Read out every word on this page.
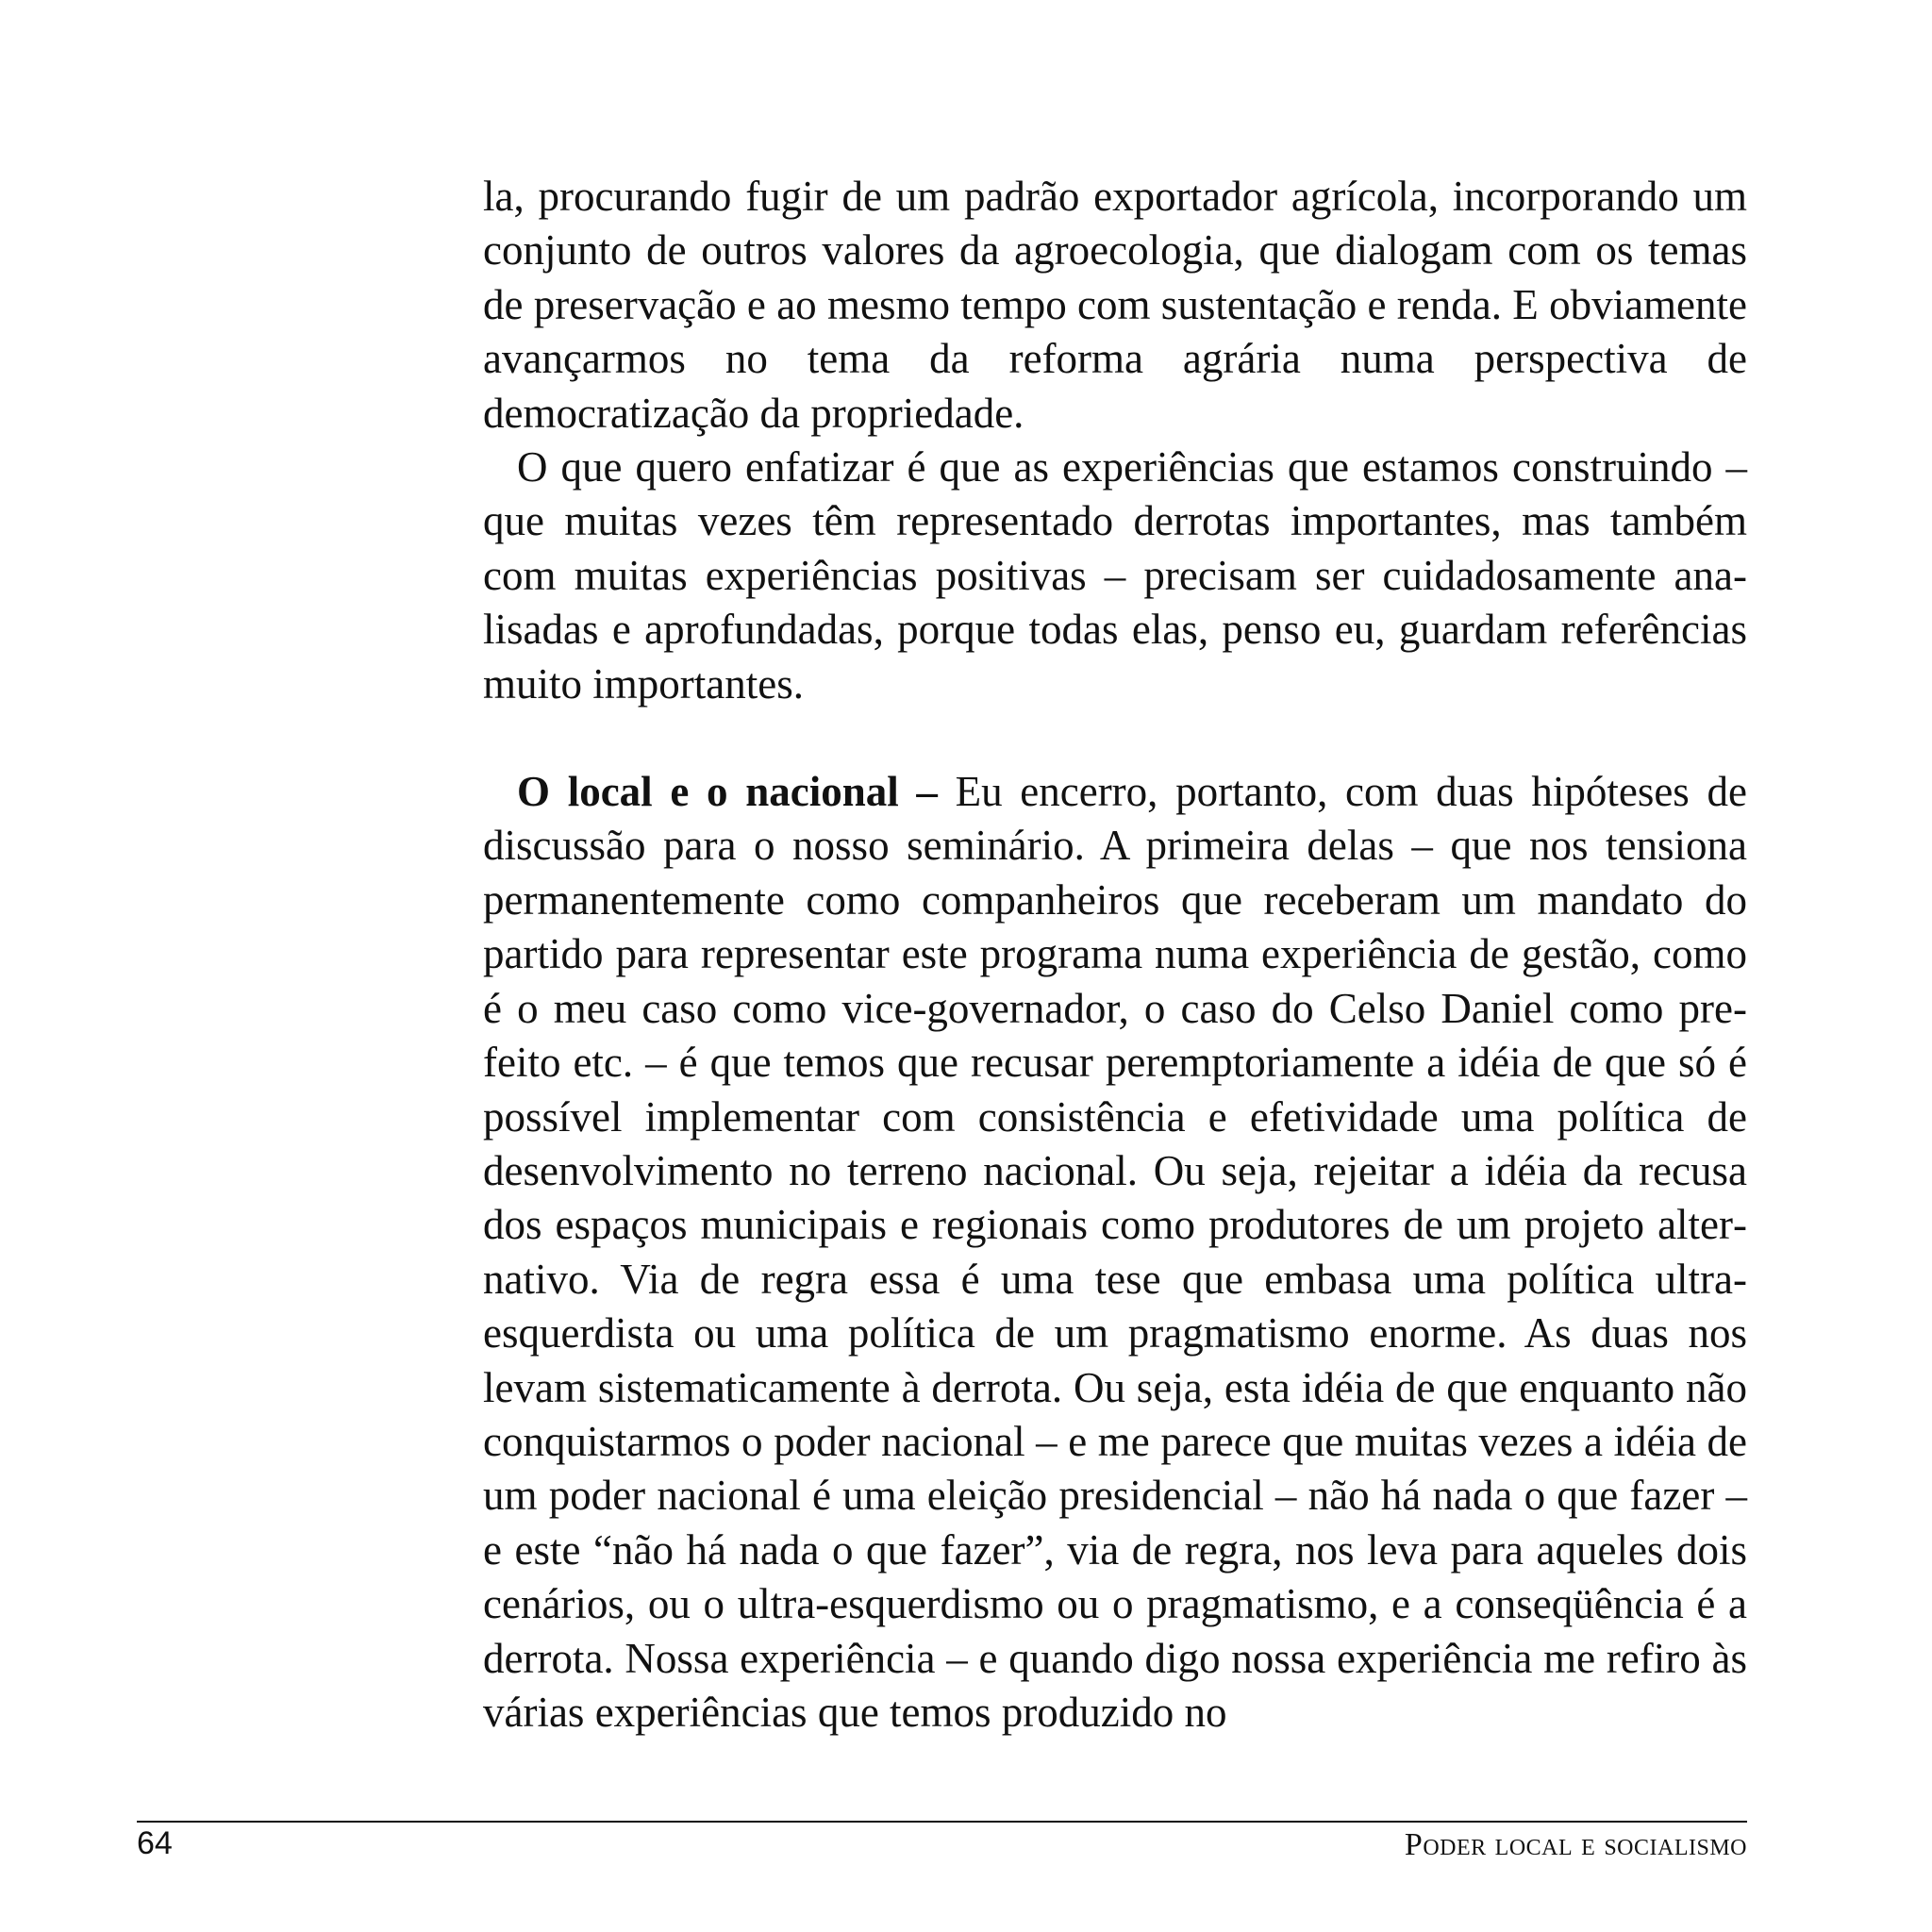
la, procurando fugir de um padrão exportador agrícola, incorporando um conjunto de outros valores da agroecologia, que dialogam com os temas de preservação e ao mesmo tempo com sustentação e renda. E obviamente avançarmos no tema da reforma agrária numa perspectiva de democratização da propriedade.

O que quero enfatizar é que as experiências que estamos construindo – que muitas vezes têm representado derrotas importantes, mas também com muitas experiências positivas – precisam ser cuidadosamente analisadas e aprofundadas, porque todas elas, penso eu, guardam referências muito importantes.

O local e o nacional – Eu encerro, portanto, com duas hipóteses de discussão para o nosso seminário. A primeira delas – que nos tensiona permanentemente como companheiros que receberam um mandato do partido para representar este programa numa experiência de gestão, como é o meu caso como vice-governador, o caso do Celso Daniel como prefeito etc. – é que temos que recusar peremptoriamente a idéia de que só é possível implementar com consistência e efetividade uma política de desenvolvimento no terreno nacional. Ou seja, rejeitar a idéia da recusa dos espaços municipais e regionais como produtores de um projeto alternativo. Via de regra essa é uma tese que embasa uma política ultra-esquerdista ou uma política de um pragmatismo enorme. As duas nos levam sistematicamente à derrota. Ou seja, esta idéia de que enquanto não conquistarmos o poder nacional – e me parece que muitas vezes a idéia de um poder nacional é uma eleição presidencial – não há nada o que fazer – e este “não há nada o que fazer”, via de regra, nos leva para aqueles dois cenários, ou o ultra-esquerdismo ou o pragmatismo, e a conseqüência é a derrota. Nossa experiência – e quando digo nossa experiência me refiro às várias experiências que temos produzido no

64	Poder local e socialismo
